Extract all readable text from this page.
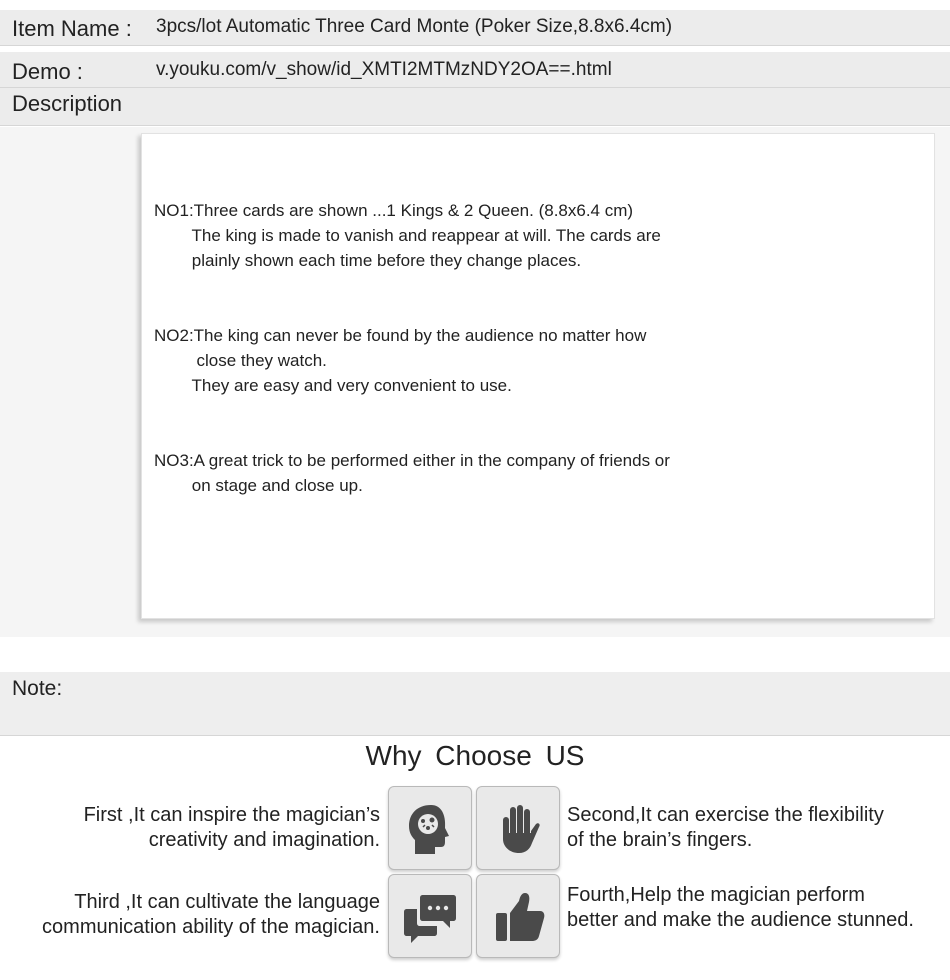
Item Name : 3pcs/lot Automatic Three Card Monte (Poker Size,8.8x6.4cm)
Demo :	v.youku.com/v_show/id_XMTI2MTMzNDY2OA==.html
Description
NO1:Three cards are shown ...1 Kings & 2 Queen. (8.8x6.4 cm)
The king is made to vanish and reappear at will. The cards are
plainly shown each time before they change places.
NO2:The king can never be found by the audience no matter how
close they watch.
They are easy and very convenient to use.
NO3:A great trick to be performed either in the company of friends or
on stage and close up.
Note:
Why Choose US
First ,It can inspire the magician’s
creativity and imagination.
Second,It can exercise the flexibility
of the brain’s fingers.
Third ,It can cultivate the language
communication ability of the magician.
Fourth,Help the magician perform
better and make the audience stunned.
